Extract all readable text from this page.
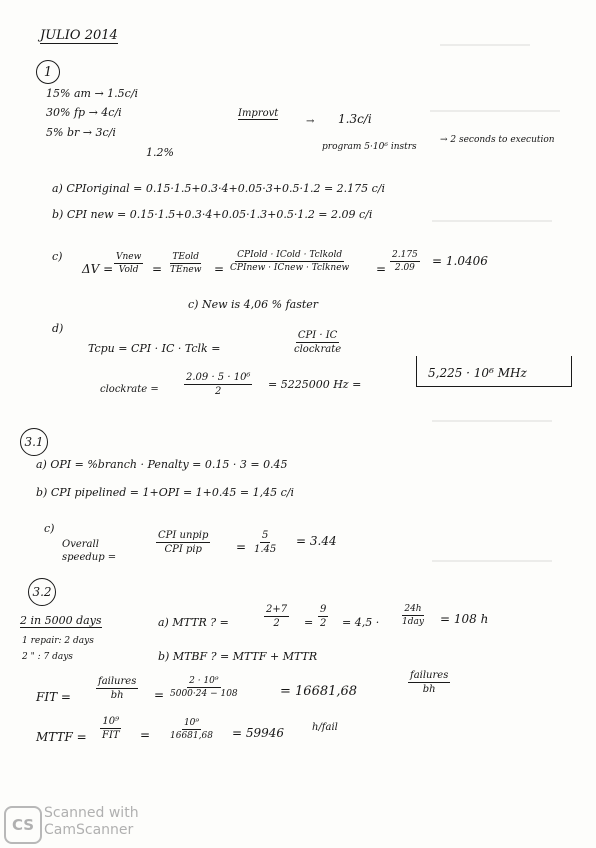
JULIO 2014
1
15% am → 1.5c/i
30% fp → 4c/i
5% br → 3c/i
1.2%
Improvt
→ 1.3c/i
program 5·10⁶ instrs
→ 2 seconds to execution
a) CPIoriginal = 0.15·1.5+0.3·4+0.05·3+0.5·1.2 = 2.175 c/i
b) CPI new = 0.15·1.5+0.3·4+0.05·1.3+0.5·1.2 = 2.09 c/i
c)
ΔV =
Vnew
Vold =
TEold
TEnew =
CPIold · ICold · Tclkold
CPInew · ICnew · Tclknew = $\frac{2.175}{2.09} = 1.0406$
c) New is 4,06 % faster
d)
Tcpu = CPI · IC · Tclk =
CPI · IC
clockrate
clockrate =	$\frac{\text{2.09 · 5 · 10⁶}}{2} = 5225000$ Hz =
5,225 · 10⁶ MHz
3.1
a) OPI = %branch · Penalty = 0.15 · 3 = 0.45
b) CPI pipelined = 1+OPI = 1+0.45 = 1,45 c/i
c)
Overall speedup =
CPI unpip
CPI pip	= $\frac{5}{1.45} = 3.44$
3.2
2 in 5000 days
1 repair: 2 days
2 " : 7 days
a) MTTR ? =	$\frac{2+7}{2} = \frac{9}{2} = 4,5$ ·
24h
1day = 108 h
b) MTBF ? = MTTF + MTTR
FIT =
failures
bh	= $\frac{\text{2 · 10⁹}}{5000\cdot 24 - 108}$	= 16681,68
failures
bh
MTTF =
10⁹
FIT = $\frac{\text{10⁹}}{16681,68} = 59946$	h/fail
CS
Scanned with
CamScanner
